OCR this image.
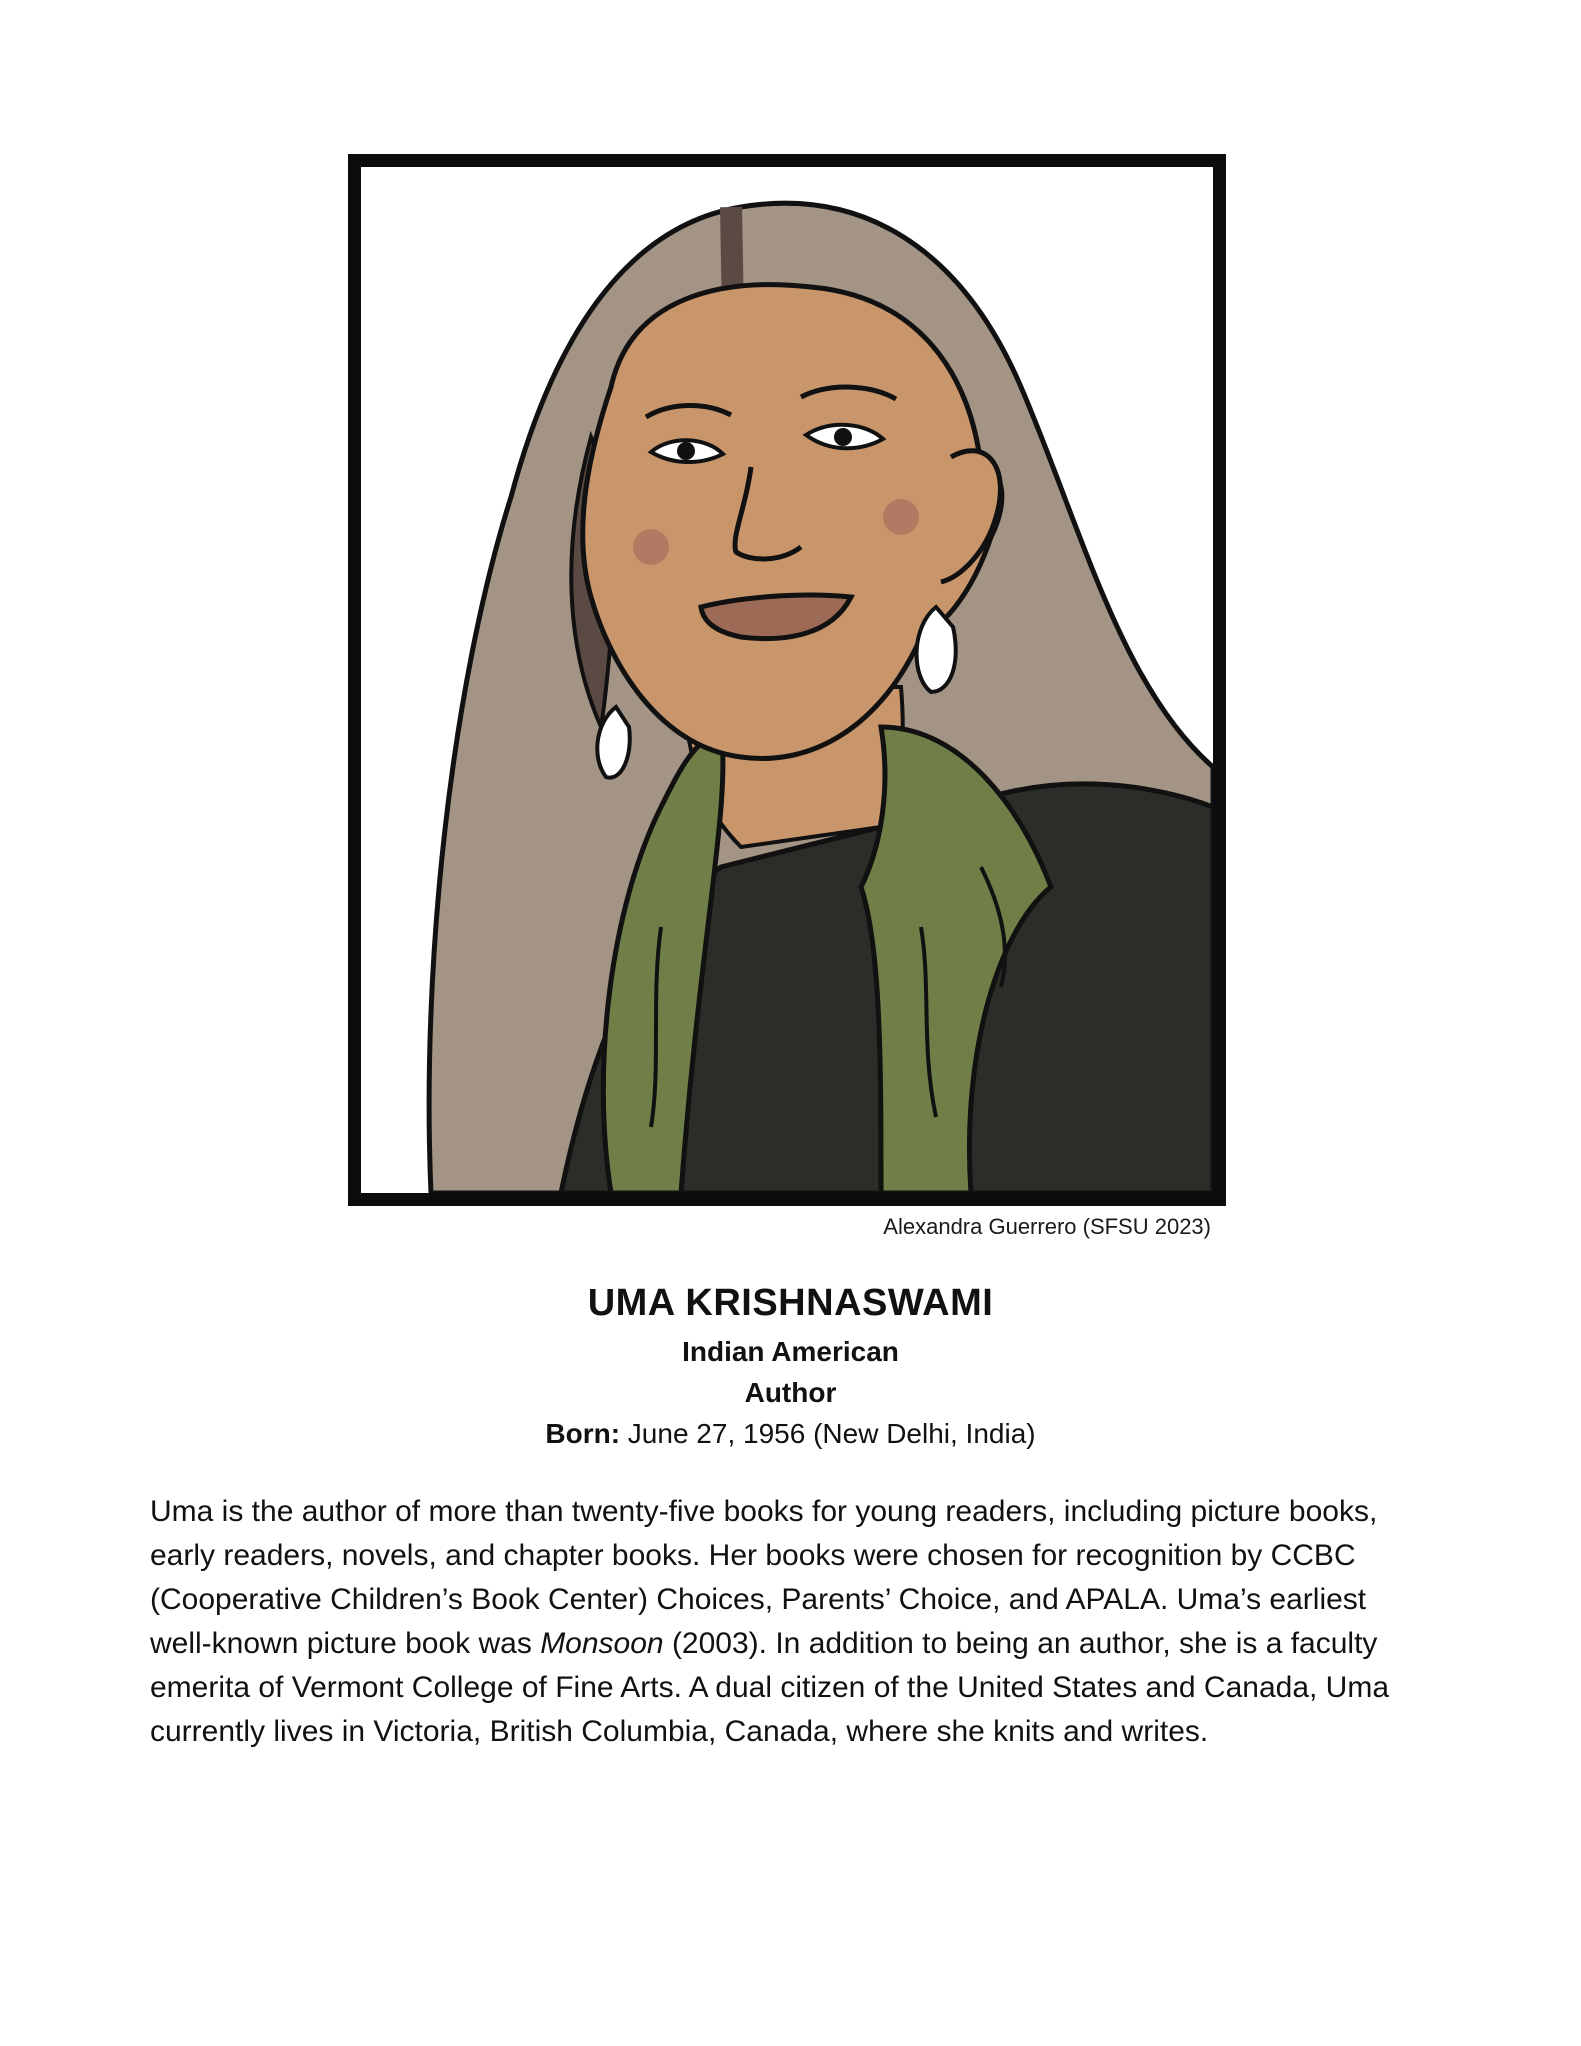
Alexandra Guerrero (SFSU 2023)
UMA KRISHNASWAMI
Indian American
Author
Born: June 27, 1956 (New Delhi, India)
Uma is the author of more than twenty-five books for young readers, including picture books, early readers, novels, and chapter books. Her books were chosen for recognition by CCBC (Cooperative Children’s Book Center) Choices, Parents’ Choice, and APALA. Uma’s earliest well-known picture book was Monsoon (2003). In addition to being an author, she is a faculty emerita of Vermont College of Fine Arts. A dual citizen of the United States and Canada, Uma currently lives in Victoria, British Columbia, Canada, where she knits and writes.
